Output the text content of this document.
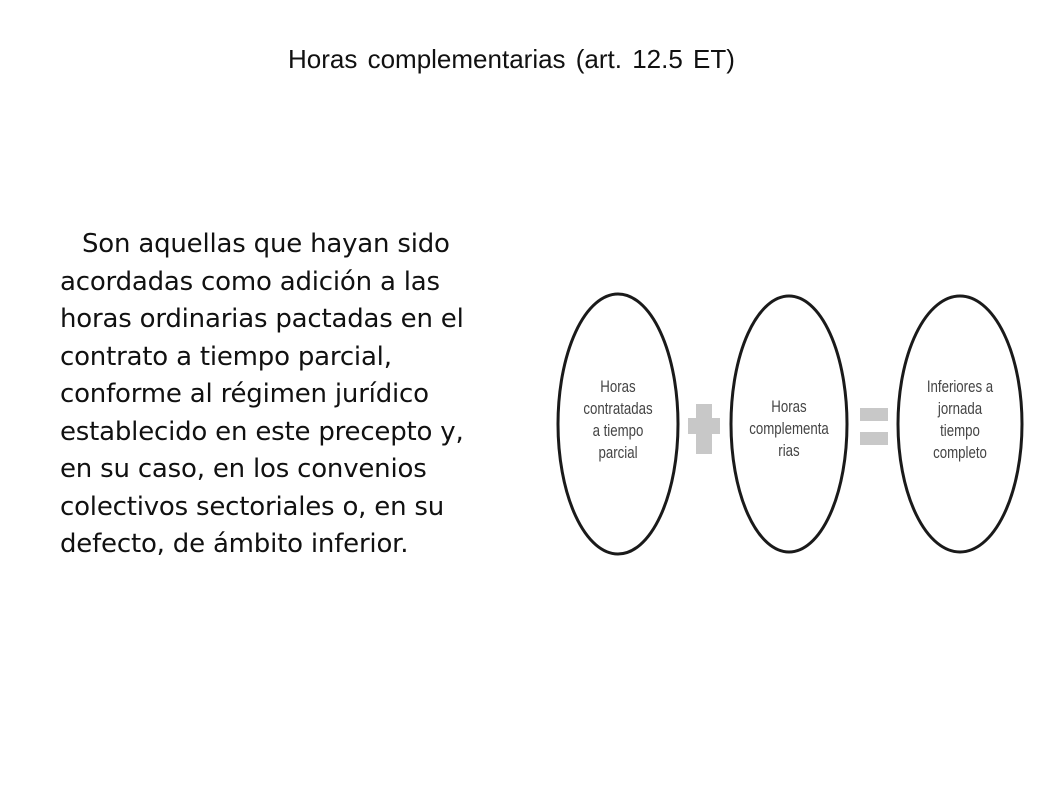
Horas complementarias (art. 12.5 ET)
Son aquellas que hayan sido acordadas como adición a las horas ordinarias pactadas en el contrato a tiempo parcial, conforme al régimen jurídico establecido en este precepto y, en su caso, en los convenios colectivos sectoriales o, en su defecto, de ámbito inferior.
Horas
contratadas
a tiempo
parcial
Horas
complementa
rias
Inferiores a
jornada
tiempo
completo
